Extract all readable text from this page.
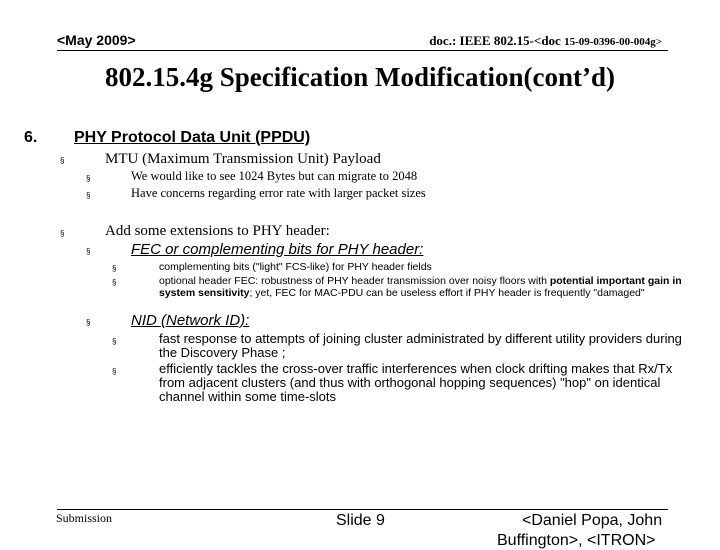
<May 2009>	doc.: IEEE 802.15-<doc 15-09-0396-00-004g>
802.15.4g Specification Modification(cont’d)
6. PHY Protocol Data Unit (PPDU)
§	MTU (Maximum Transmission Unit) Payload
§	We would like to see 1024 Bytes but can migrate to 2048
§	Have concerns regarding error rate with larger packet sizes
§	Add some extensions to PHY header:
§	FEC or complementing bits for PHY header:
§	complementing bits ("light" FCS-like) for PHY header fields
§	optional header FEC: robustness of PHY header transmission over noisy floors with potential important gain in system sensitivity; yet, FEC for MAC-PDU can be useless effort if PHY header is frequently "damaged"
§	NID (Network ID):
§	fast response to attempts of joining cluster administrated by different utility providers during the Discovery Phase ;
§	efficiently tackles the cross-over traffic interferences when clock drifting makes that Rx/Tx from adjacent clusters (and thus with orthogonal hopping sequences) "hop" on identical channel within some time-slots
Submission	Slide 9	<Daniel Popa, John
Buffington>, <ITRON>
